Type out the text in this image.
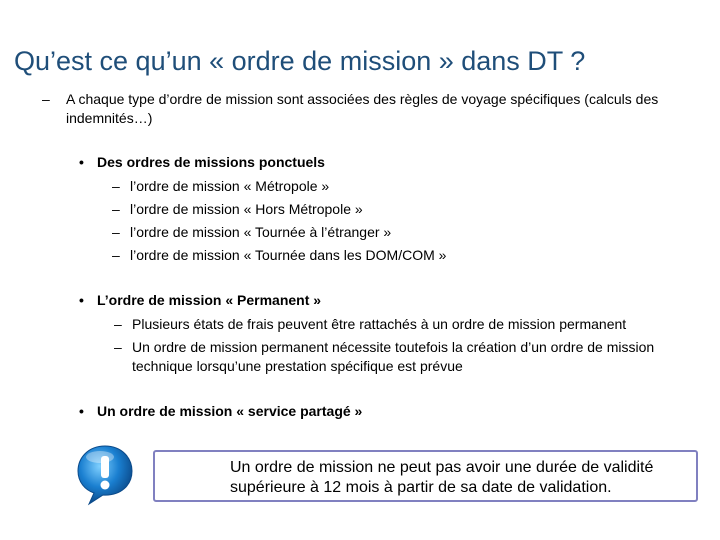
Qu’est ce qu’un « ordre de mission » dans DT ?
– A chaque type d’ordre de mission sont associées des règles de voyage spécifiques (calculs des indemnités…)
• Des ordres de missions ponctuels
– l’ordre de mission « Métropole »
– l’ordre de mission « Hors Métropole »
– l’ordre de mission « Tournée à l’étranger »
– l’ordre de mission « Tournée dans les DOM/COM »
• L’ordre de mission « Permanent »
– Plusieurs états de frais peuvent être rattachés à un ordre de mission permanent
– Un ordre de mission permanent nécessite toutefois la création d’un ordre de mission technique lorsqu’une prestation spécifique est prévue
• Un ordre de mission « service partagé »
Un ordre de mission ne peut pas avoir une durée de validité supérieure à 12 mois à partir de sa date de validation.
